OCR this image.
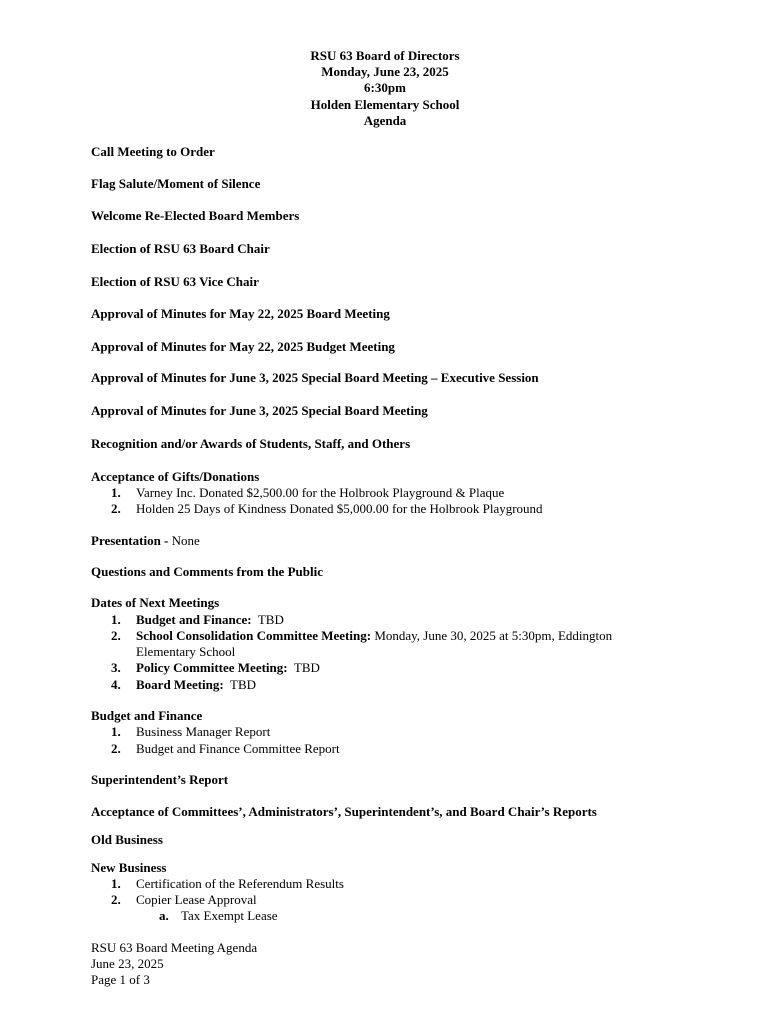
RSU 63 Board of Directors
Monday, June 23, 2025
6:30pm
Holden Elementary School
Agenda
Call Meeting to Order
Flag Salute/Moment of Silence
Welcome Re-Elected Board Members
Election of RSU 63 Board Chair
Election of RSU 63 Vice Chair
Approval of Minutes for May 22, 2025 Board Meeting
Approval of Minutes for May 22, 2025 Budget Meeting
Approval of Minutes for June 3, 2025 Special Board Meeting – Executive Session
Approval of Minutes for June 3, 2025 Special Board Meeting
Recognition and/or Awards of Students, Staff, and Others
Acceptance of Gifts/Donations
1. Varney Inc. Donated $2,500.00 for the Holbrook Playground & Plaque
2. Holden 25 Days of Kindness Donated $5,000.00 for the Holbrook Playground
Presentation - None
Questions and Comments from the Public
Dates of Next Meetings
1. Budget and Finance:  TBD
2. School Consolidation Committee Meeting: Monday, June 30, 2025 at 5:30pm, Eddington
Elementary School
3. Policy Committee Meeting:  TBD
4. Board Meeting:  TBD
Budget and Finance
1. Business Manager Report
2. Budget and Finance Committee Report
Superintendent’s Report
Acceptance of Committees’, Administrators’, Superintendent’s, and Board Chair’s Reports
Old Business
New Business
1. Certification of the Referendum Results
2. Copier Lease Approval
a. Tax Exempt Lease
RSU 63 Board Meeting Agenda
June 23, 2025
Page 1 of 3
